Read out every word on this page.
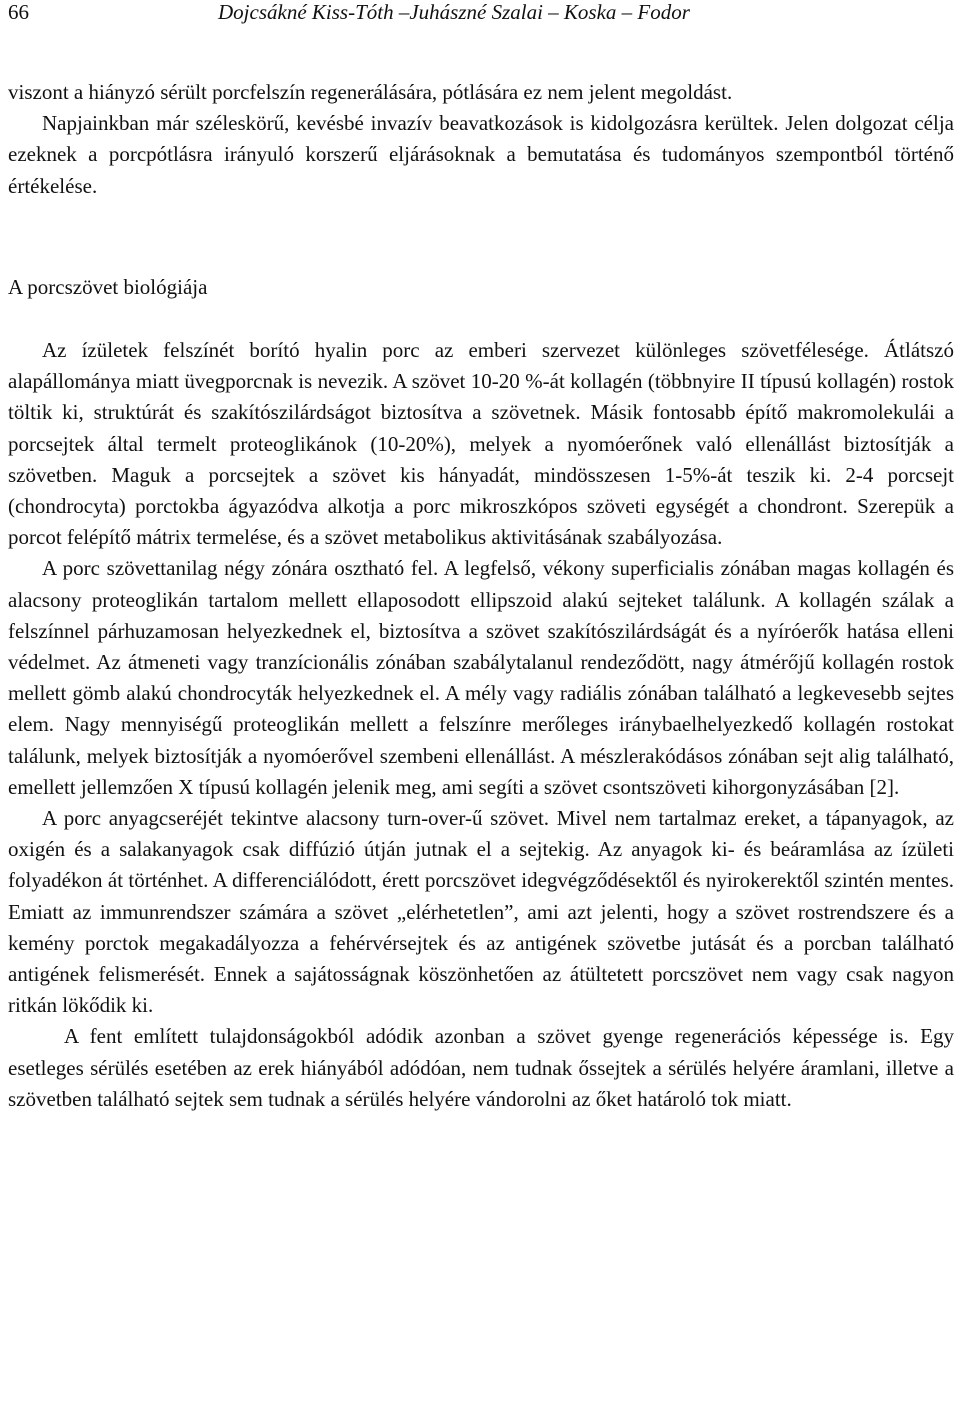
66	Dojcsákné Kiss-Tóth –Juhászné Szalai – Koska – Fodor

viszont a hiányzó sérült porcfelszín regenerálására, pótlására ez nem jelent megoldást.

Napjainkban már széleskörű, kevésbé invazív beavatkozások is kidolgozásra kerültek. Jelen dolgozat célja ezeknek a porcpótlásra irányuló korszerű eljárásoknak a bemutatása és tudományos szempontból történő értékelése.

A porcszövet biológiája

Az ízületek felszínét borító hyalin porc az emberi szervezet különleges szövetfélesége. Átlátszó alapállománya miatt üvegporcnak is nevezik. A szövet 10-20 %-át kollagén (többnyire II típusú kollagén) rostok töltik ki, struktúrát és szakítószilárdságot biztosítva a szövetnek. Másik fontosabb építő makromolekulái a porcsejtek által termelt proteoglikánok (10-20%), melyek a nyomóerőnek való ellenállást biztosítják a szövetben. Maguk a porcsejtek a szövet kis hányadát, mindösszesen 1-5%-át teszik ki. 2-4 porcsejt (chondrocyta) porctokba ágyazódva alkotja a porc mikroszkópos szöveti egységét a chondront. Szerepük a porcot felépítő mátrix termelése, és a szövet metabolikus aktivitásának szabályozása.

A porc szövettanilag négy zónára osztható fel. A legfelső, vékony superficialis zónában magas kollagén és alacsony proteoglikán tartalom mellett ellaposodott ellipszoid alakú sejteket találunk. A kollagén szálak a felszínnel párhuzamosan helyezkednek el, biztosítva a szövet szakítószilárdságát és a nyíróerők hatása elleni védelmet. Az átmeneti vagy tranzícionális zónában szabálytalanul rendeződött, nagy átmérőjű kollagén rostok mellett gömb alakú chondrocyták helyezkednek el. A mély vagy radiális zónában található a legkevesebb sejtes elem. Nagy mennyiségű proteoglikán mellett a felszínre merőleges iránybaelhelyezkedő kollagén rostokat találunk, melyek biztosítják a nyomóerővel szembeni ellenállást. A mészlerakódásos zónában sejt alig található, emellett jellemzően X típusú kollagén jelenik meg, ami segíti a szövet csontszöveti kihorgonyzásában [2].

A porc anyagcseréjét tekintve alacsony turn-over-ű szövet. Mivel nem tartalmaz ereket, a tápanyagok, az oxigén és a salakanyagok csak diffúzió útján jutnak el a sejtekig. Az anyagok ki- és beáramlása az ízületi folyadékon át történhet. A differenciálódott, érett porcszövet idegvégződésektől és nyirokerektől szintén mentes. Emiatt az immunrendszer számára a szövet „elérhetetlen”, ami azt jelenti, hogy a szövet rostrendszere és a kemény porctok megakadályozza a fehérvérsejtek és az antigének szövetbe jutását és a porcban található antigének felismerését. Ennek a sajátosságnak köszönhetően az átültetett porcszövet nem vagy csak nagyon ritkán lökődik ki.

A fent említett tulajdonságokból adódik azonban a szövet gyenge regenerációs képessége is. Egy esetleges sérülés esetében az erek hiányából adódóan, nem tudnak őssejtek a sérülés helyére áramlani, illetve a szövetben található sejtek sem tudnak a sérülés helyére vándorolni az őket határoló tok miatt.
